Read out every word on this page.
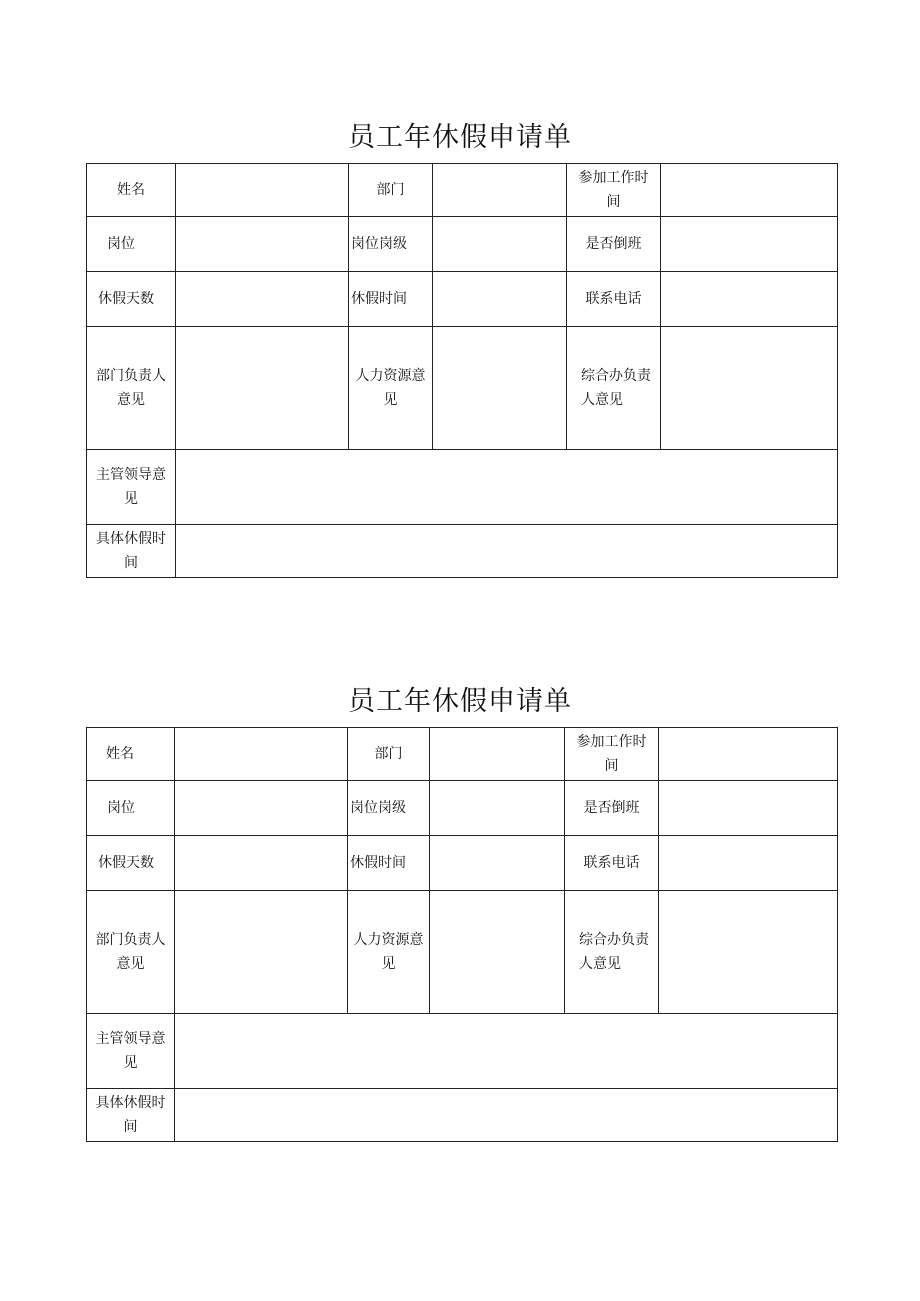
员工年休假申请单
姓名		部门		参加工作时间	
岗位		岗位岗级		是否倒班	
休假天数		休假时间		联系电话	
部门负责人意见		人力资源意见		综合办负责人意见	
主管领导意见					
具体休假时间					
员工年休假申请单
姓名		部门		参加工作时间	
岗位		岗位岗级		是否倒班	
休假天数		休假时间		联系电话	
部门负责人意见		人力资源意见		综合办负责人意见	
主管领导意见					
具体休假时间					
